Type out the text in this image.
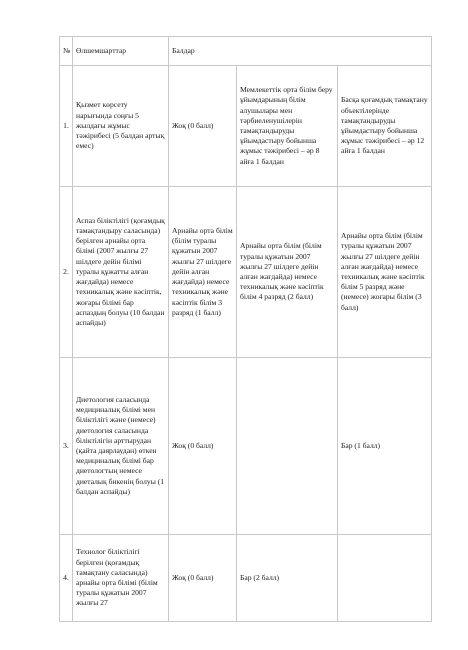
№	Өлшемшарттар	Балдар		
1.	Қызмет көрсету нарығында соңғы 5 жылдағы жұмыс тәжірибесі (5 балдан артық емес)	Жоқ (0 балл)	Мемлекеттік орта білім беру ұйымдарының білім алушылары мен тәрбиеленушілерін тамақтандыруды ұйымдастыру бойынша жұмыс тәжірибесі – әр 8 айға 1 балдан	Басқа қоғамдық тамақтану объектілерінде тамақтандыруды ұйымдастыру бойынша жұмыс тәжірибесі – әр 12 айға 1 балдан
2.	Аспаз біліктілігі (қоғамдық тамақтандыру саласында) берілген арнайы орта білімі (2007 жылғы 27 шілдеге дейін білімі туралы құжатты алған жағдайда) немесе техникалық және кәсіптік, жоғары білімі бар аспаздың болуы (10 балдан аспайды)	Арнайы орта білім (білім туралы құжатын 2007 жылғы 27 шілдеге дейін алған жағдайда) немесе техникалық және кәсіптік білім 3 разряд (1 балл)	Арнайы орта білім (білім туралы құжатын 2007 жылғы 27 шілдеге дейін алған жағдайда) немесе техникалық және кәсіптік білім 4 разряд (2 балл)	Арнайы орта білім (білім туралы құжатын 2007 жылғы 27 шілдеге дейін алған жағдайда) немесе техникалық және кәсіптік білім 5 разряд және (немесе) жоғары білім (3 балл)
3.	Диетология саласында медициналық білімі мен біліктілігі және (немесе) диетология саласында біліктілігін арттырудан (қайта даярлаудан) өткен медициналық білімі бар диетологтың немесе диеталық бикенің болуы (1 балдан аспайды)	Жоқ (0 балл)		Бар (1 балл)
4.	Технолог біліктілігі берілген (қоғамдық тамақтану саласында) арнайы орта білімі (білім туралы құжатын 2007 жылғы 27	Жоқ (0 балл)	Бар (2 балл)	
